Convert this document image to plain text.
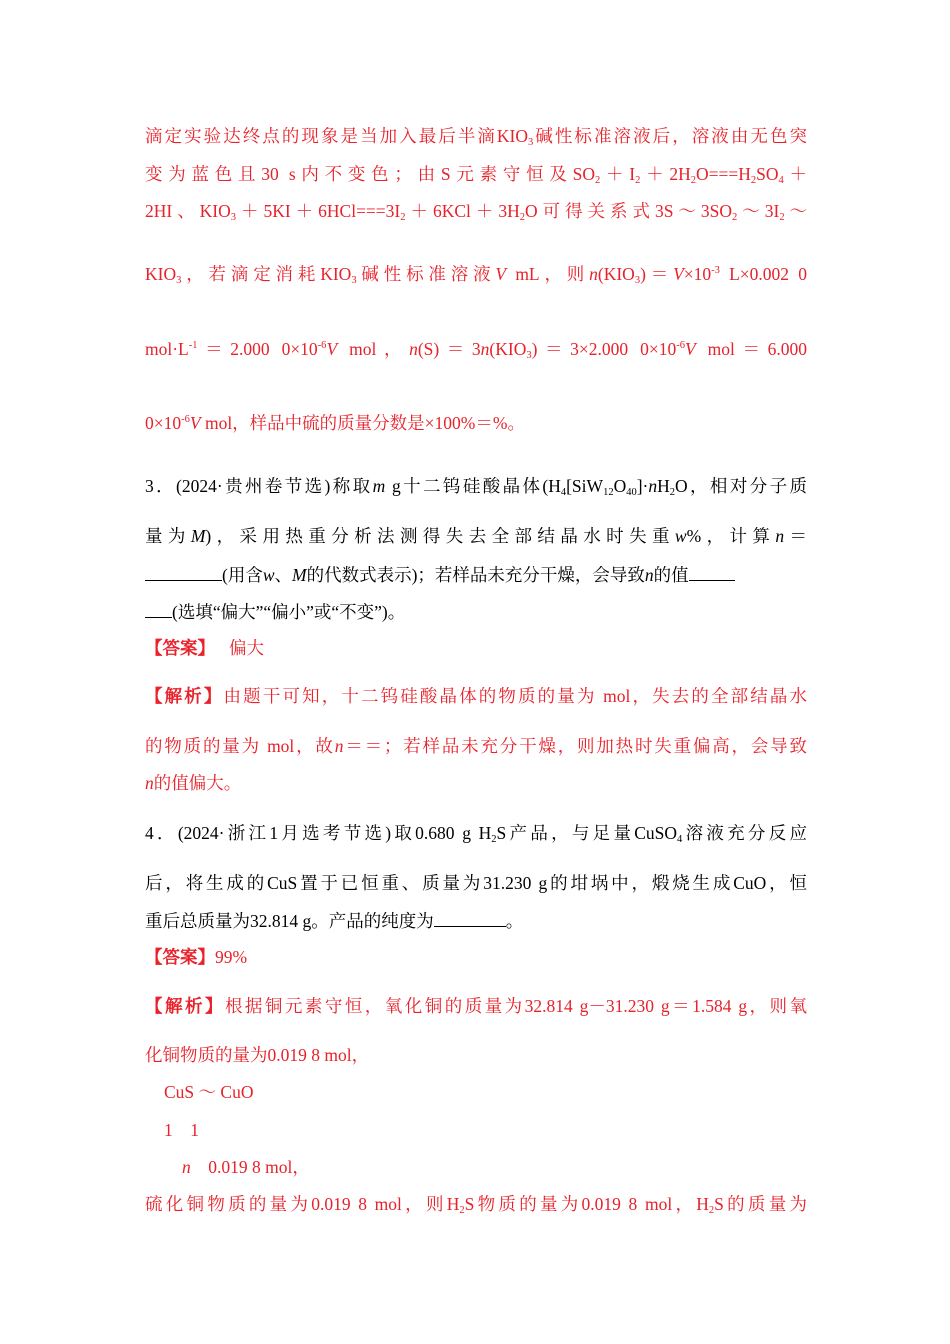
滴定实验达终点的现象是当加入最后半滴$KIO_3$碱性标准溶液后，溶液由无色突
变为蓝色且30 s内不变色；由S元素守恒及$SO_2+I_2+2H_2O===H_2SO_4+$
2HI、$KIO_3+5KI+6HCl===3I_2+6KCl+3H_2O$可得关系式$3S\sim 3SO_2\sim 3I_2\sim$
$KIO_3$，若滴定消耗$KIO_3$碱性标准溶液V mL，则$n(KIO_3)=V\times 10^{-3}$ L×0.002 0
$mol\cdot L^{-1}=2.000$ $0\times 10^{-6}V$ mol，$n(S)=3n(KIO_3)=3\times 2.000$ $0\times 10^{-6}V$ mol＝6.000
$0\times 10^{-6}V$ mol，样品中硫的质量分数是×100%＝%。
3．(2024·贵州卷节选)称取m g十二钨硅酸晶体($H_4[SiW_{12}O_{40}]\cdot nH_2O$，相对分子质
量为M)，采用热重分析法测得失去全部结晶水时失重w%，计算n＝
(用含w、M的代数式表示)；若样品未充分干燥，会导致n的值
(选填“偏大”“偏小”或“不变”)。
【答案】 偏大
【解析】由题干可知，十二钨硅酸晶体的物质的量为 mol，失去的全部结晶水
的物质的量为 mol，故n＝＝；若样品未充分干燥，则加热时失重偏高，会导致
n的值偏大。
4．(2024·浙江1月选考节选)取0.680 g $H_2S$产品，与足量CuSO$_4$溶液充分反应
后，将生成的CuS置于已恒重、质量为31.230 g的坩埚中，煅烧生成CuO，恒
重后总质量为32.814 g。产品的纯度为	。
【答案】99%
【解析】根据铜元素守恒，氧化铜的质量为32.814 g－31.230 g＝1.584 g，则氧
化铜物质的量为0.019 8 mol，
CuS ～ CuO
1    1
n    0.019 8 mol，
硫化铜物质的量为0.019 8 mol，则$H_2S$物质的量为0.019 8 mol，$H_2S$的质量为
